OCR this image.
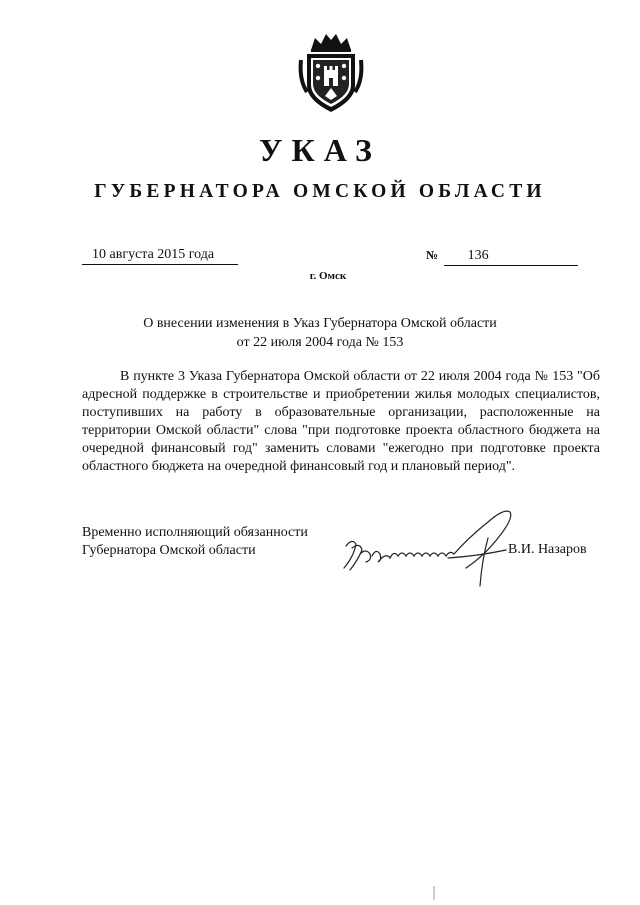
УКАЗ
ГУБЕРНАТОРА ОМСКОЙ ОБЛАСТИ
10 августа 2015 года	№ 136
г. Омск
О внесении изменения в Указ Губернатора Омской области
от 22 июля 2004 года № 153

В пункте 3 Указа Губернатора Омской области от 22 июля 2004 года № 153 "Об адресной поддержке в строительстве и приобретении жилья молодых специалистов, поступивших на работу в образовательные организации, расположенные на территории Омской области" слова "при подготовке проекта областного бюджета на очередной финансовый год" заменить словами "ежегодно при подготовке проекта областного бюджета на очередной финансовый год и плановый период".

Временно исполняющий обязанности
Губернатора Омской области	В.И. Назаров
